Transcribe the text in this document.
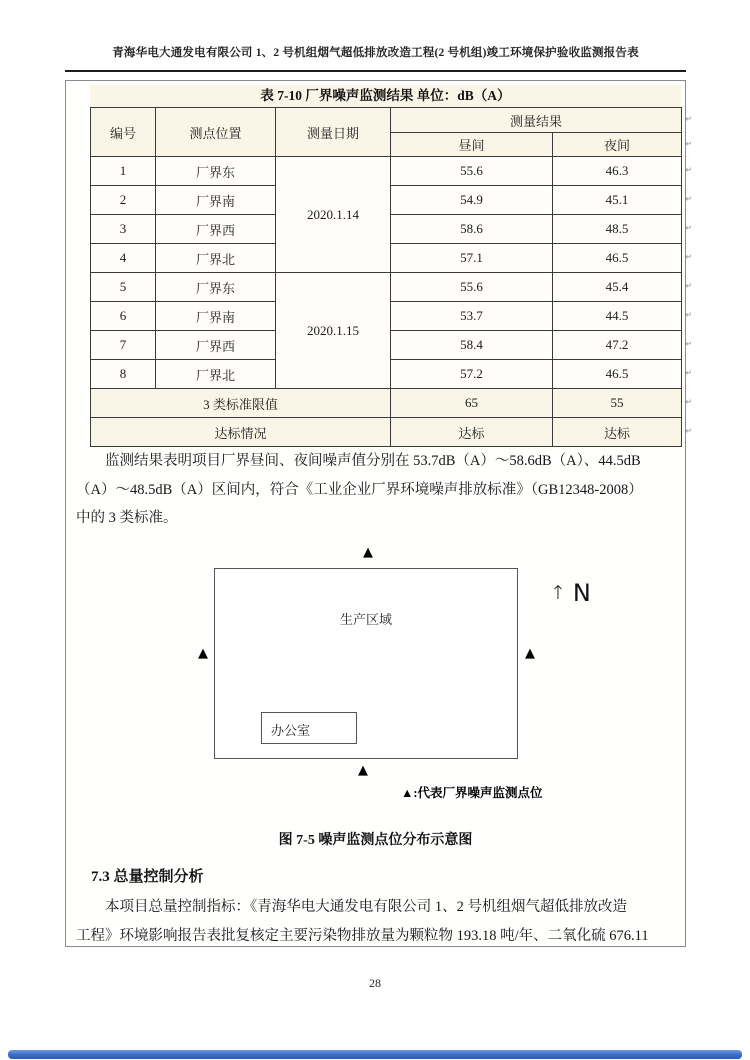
青海华电大通发电有限公司 1、2 号机组烟气超低排放改造工程(2 号机组)竣工环境保护验收监测报告表
表 7-10 厂界噪声监测结果 单位：dB（A）
编号	测点位置	测量日期	测量结果 ↵	

			昼间	夜间 ↵

1	厂界东	2020.1.14	55.6	46.3 ↵

2	厂界南		54.9	45.1 ↵

3	厂界西		58.6	48.5 ↵

4	厂界北		57.1	46.5 ↵

5	厂界东	2020.1.15	55.6	45.4 ↵

6	厂界南		53.7	44.5 ↵

7	厂界西		58.4	47.2 ↵

8	厂界北		57.2	46.5 ↵

3 类标准限值			65	55 ↵

达标情况			达标	达标 ↵
监测结果表明项目厂界昼间、夜间噪声值分别在 53.7dB（A）～58.6dB（A）、44.5dB
（A）～48.5dB（A）区间内，符合《工业企业厂界环境噪声排放标准》（GB12348-2008）
中的 3 类标准。
生产区域
办公室
▲
▲
▲	▲
↑ N
▲:代表厂界噪声监测点位
图 7-5 噪声监测点位分布示意图
7.3 总量控制分析
本项目总量控制指标：《青海华电大通发电有限公司 1、2 号机组烟气超低排放改造
工程》环境影响报告表批复核定主要污染物排放量为颗粒物 193.18 吨/年、二氧化硫 676.11
28
